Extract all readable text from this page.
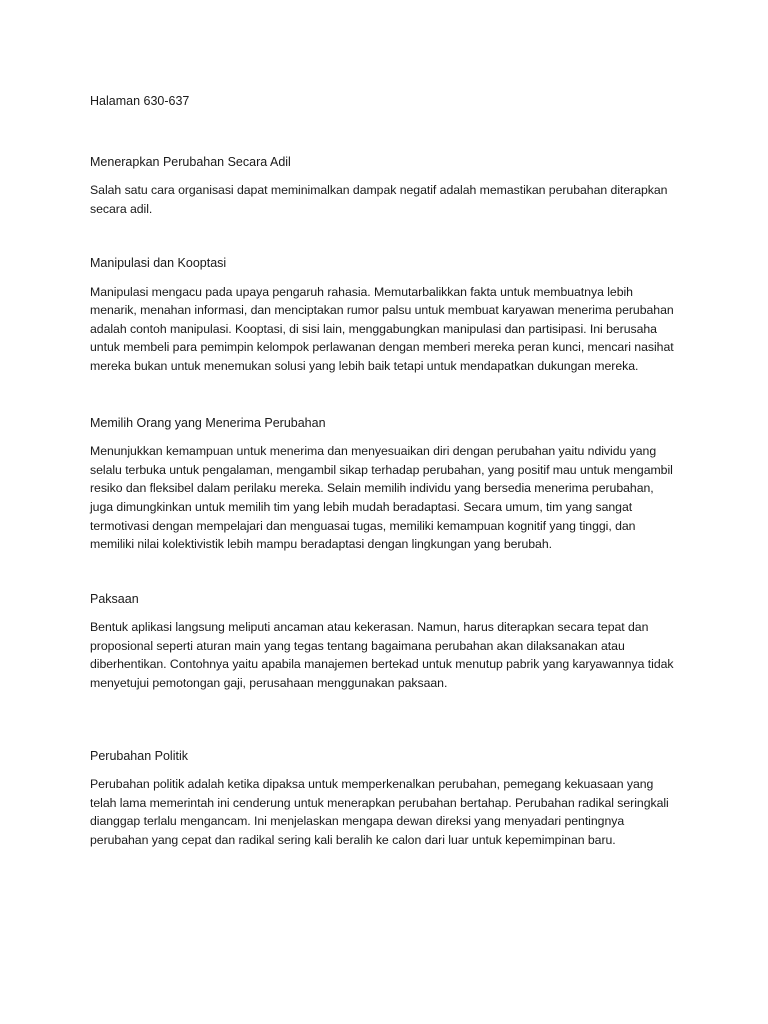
Halaman 630-637
Menerapkan Perubahan Secara Adil

Salah satu cara organisasi dapat meminimalkan dampak negatif adalah memastikan perubahan diterapkan secara adil.

Manipulasi dan Kooptasi

Manipulasi mengacu pada upaya pengaruh rahasia. Memutarbalikkan fakta untuk membuatnya lebih menarik, menahan informasi, dan menciptakan rumor palsu untuk membuat karyawan menerima perubahan adalah contoh manipulasi. Kooptasi, di sisi lain, menggabungkan manipulasi dan partisipasi. Ini berusaha untuk membeli para pemimpin kelompok perlawanan dengan memberi mereka peran kunci, mencari nasihat mereka bukan untuk menemukan solusi yang lebih baik tetapi untuk mendapatkan dukungan mereka.

Memilih Orang yang Menerima Perubahan

Menunjukkan kemampuan untuk menerima dan menyesuaikan diri dengan perubahan yaitu ndividu yang selalu terbuka untuk pengalaman, mengambil sikap terhadap perubahan, yang positif mau untuk mengambil resiko dan fleksibel dalam perilaku mereka. Selain memilih individu yang bersedia menerima perubahan, juga dimungkinkan untuk memilih tim yang lebih mudah beradaptasi. Secara umum, tim yang sangat termotivasi dengan mempelajari dan menguasai tugas, memiliki kemampuan kognitif yang tinggi, dan memiliki nilai kolektivistik lebih mampu beradaptasi dengan lingkungan yang berubah.

Paksaan

Bentuk aplikasi langsung meliputi ancaman atau kekerasan. Namun, harus diterapkan secara tepat dan proposional seperti aturan main yang tegas tentang bagaimana perubahan akan dilaksanakan atau diberhentikan. Contohnya yaitu apabila manajemen bertekad untuk menutup pabrik yang karyawannya tidak menyetujui pemotongan gaji, perusahaan menggunakan paksaan.

Perubahan Politik

Perubahan politik adalah ketika dipaksa untuk memperkenalkan perubahan, pemegang kekuasaan yang telah lama memerintah ini cenderung untuk menerapkan perubahan bertahap. Perubahan radikal seringkali dianggap terlalu mengancam. Ini menjelaskan mengapa dewan direksi yang menyadari pentingnya perubahan yang cepat dan radikal sering kali beralih ke calon dari luar untuk kepemimpinan baru.
